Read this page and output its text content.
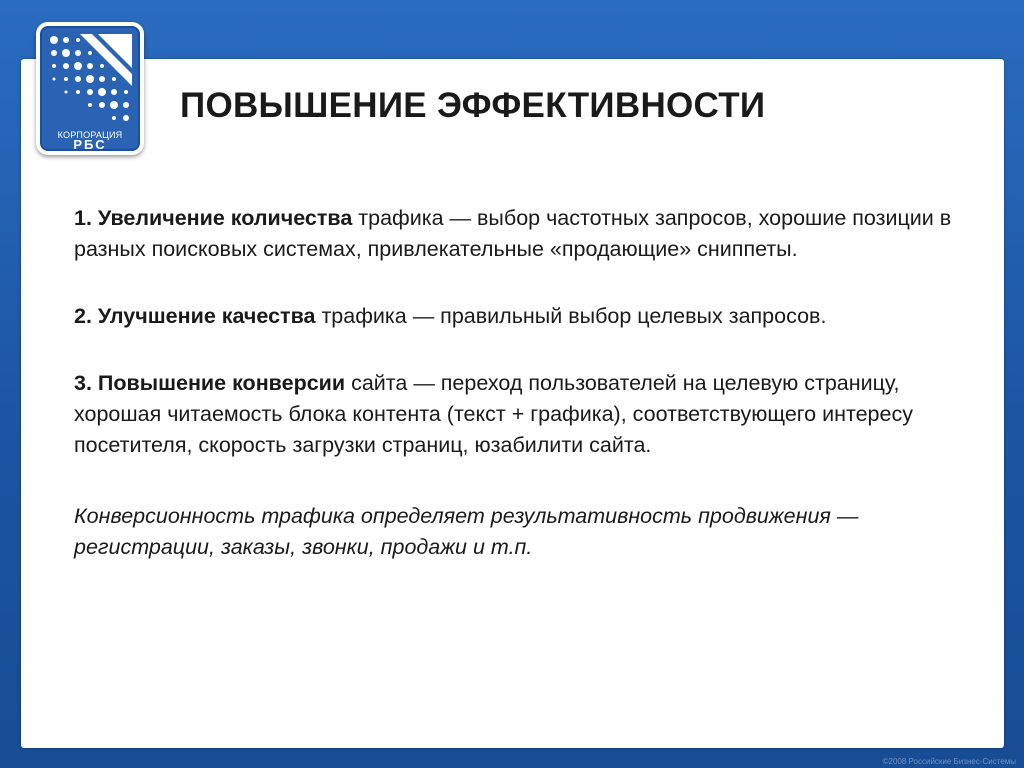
КОРПОРАЦИЯ
РБС
ПОВЫШЕНИЕ ЭФФЕКТИВНОСТИ

1. Увеличение количества трафика — выбор частотных запросов, хорошие позиции в разных поисковых системах, привлекательные «продающие» сниппеты.

2. Улучшение качества трафика — правильный выбор целевых запросов.

3. Повышение конверсии сайта — переход пользователей на целевую страницу, хорошая читаемость блока контента (текст + графика), соответствующего интересу посетителя, скорость загрузки страниц, юзабилити сайта.

Конверсионность трафика определяет результативность продвижения — регистрации, заказы, звонки, продажи и т.п.

©2008 Российские Бизнес-Системы
